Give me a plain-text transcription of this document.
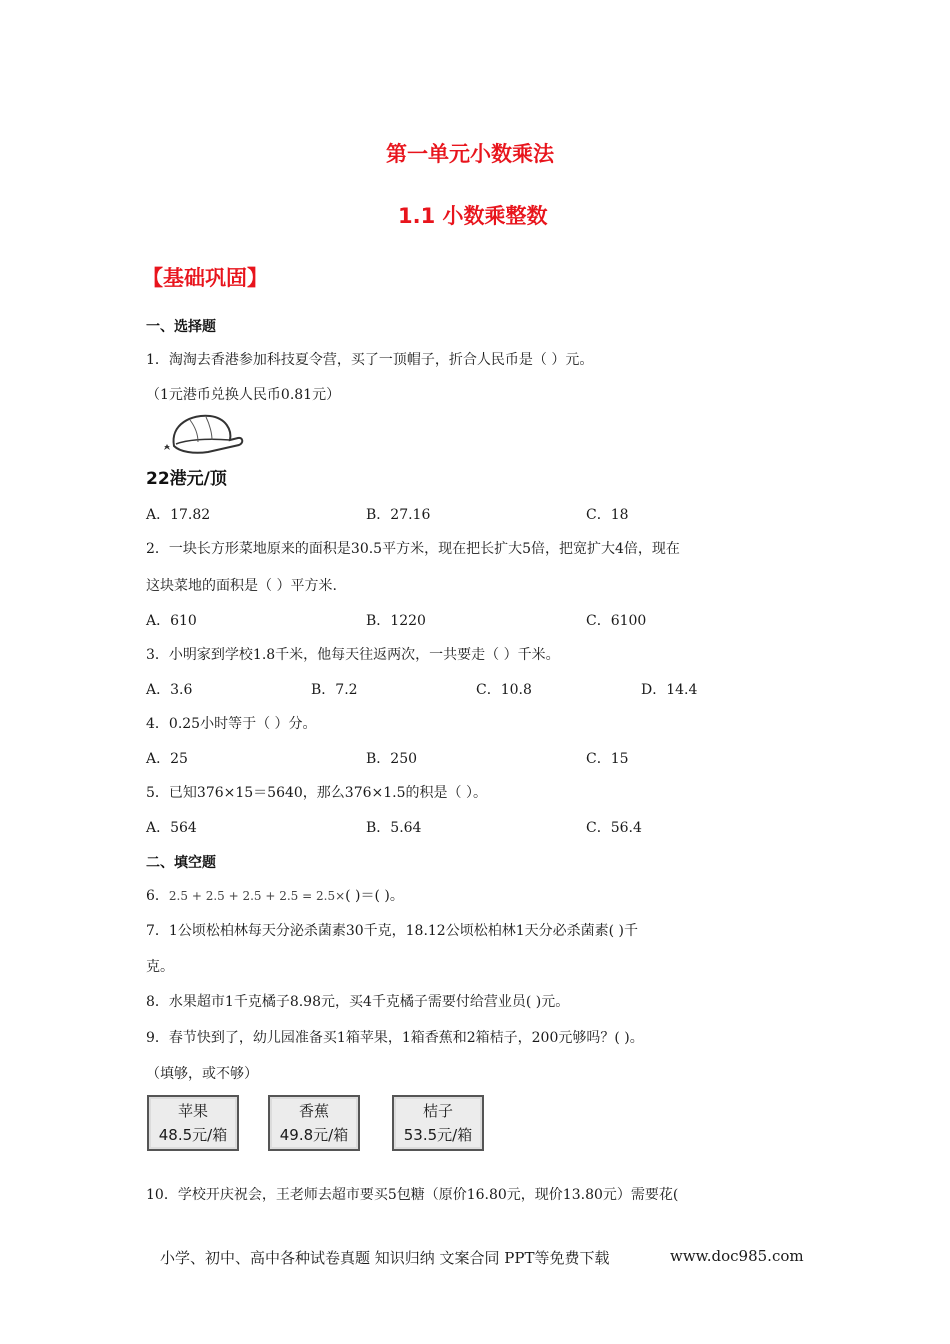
第一单元小数乘法
1.1 小数乘整数
【基础巩固】
一、选择题
1．淘淘去香港参加科技夏令营，买了一顶帽子，折合人民币是（ ）元。
（1元港币兑换人民币0.81元）
22港元/顶
A．17.82	B．27.16	C．18
2．一块长方形菜地原来的面积是30.5平方米，现在把长扩大5倍，把宽扩大4倍，现在
这块菜地的面积是（ ）平方米.
A．610	B．1220	C．6100
3．小明家到学校1.8千米，他每天往返两次，一共要走（ ）千米。
A．3.6	B．7.2	C．10.8	D．14.4
4．0.25小时等于（ ）分。
A．25	B．250	C．15
5．已知376×15＝5640，那么376×1.5的积是（ ）。
A．564	B．5.64	C．56.4
二、填空题
6．2.5 + 2.5 + 2.5 + 2.5 = 2.5×( )＝( )。
7．1公顷松柏林每天分泌杀菌素30千克，18.12公顷松柏林1天分必杀菌素( )千
克。
8．水果超市1千克橘子8.98元，买4千克橘子需要付给营业员( )元。
9．春节快到了，幼儿园准备买1箱苹果，1箱香蕉和2箱桔子，200元够吗？( )。
（填够，或不够）
苹果
48.5元/箱
香蕉
49.8元/箱
桔子
53.5元/箱
10．学校开庆祝会，王老师去超市要买5包糖（原价16.80元，现价13.80元）需要花(
小学、初中、高中各种试卷真题 知识归纳 文案合同 PPT等免费下载	www.doc985.com
